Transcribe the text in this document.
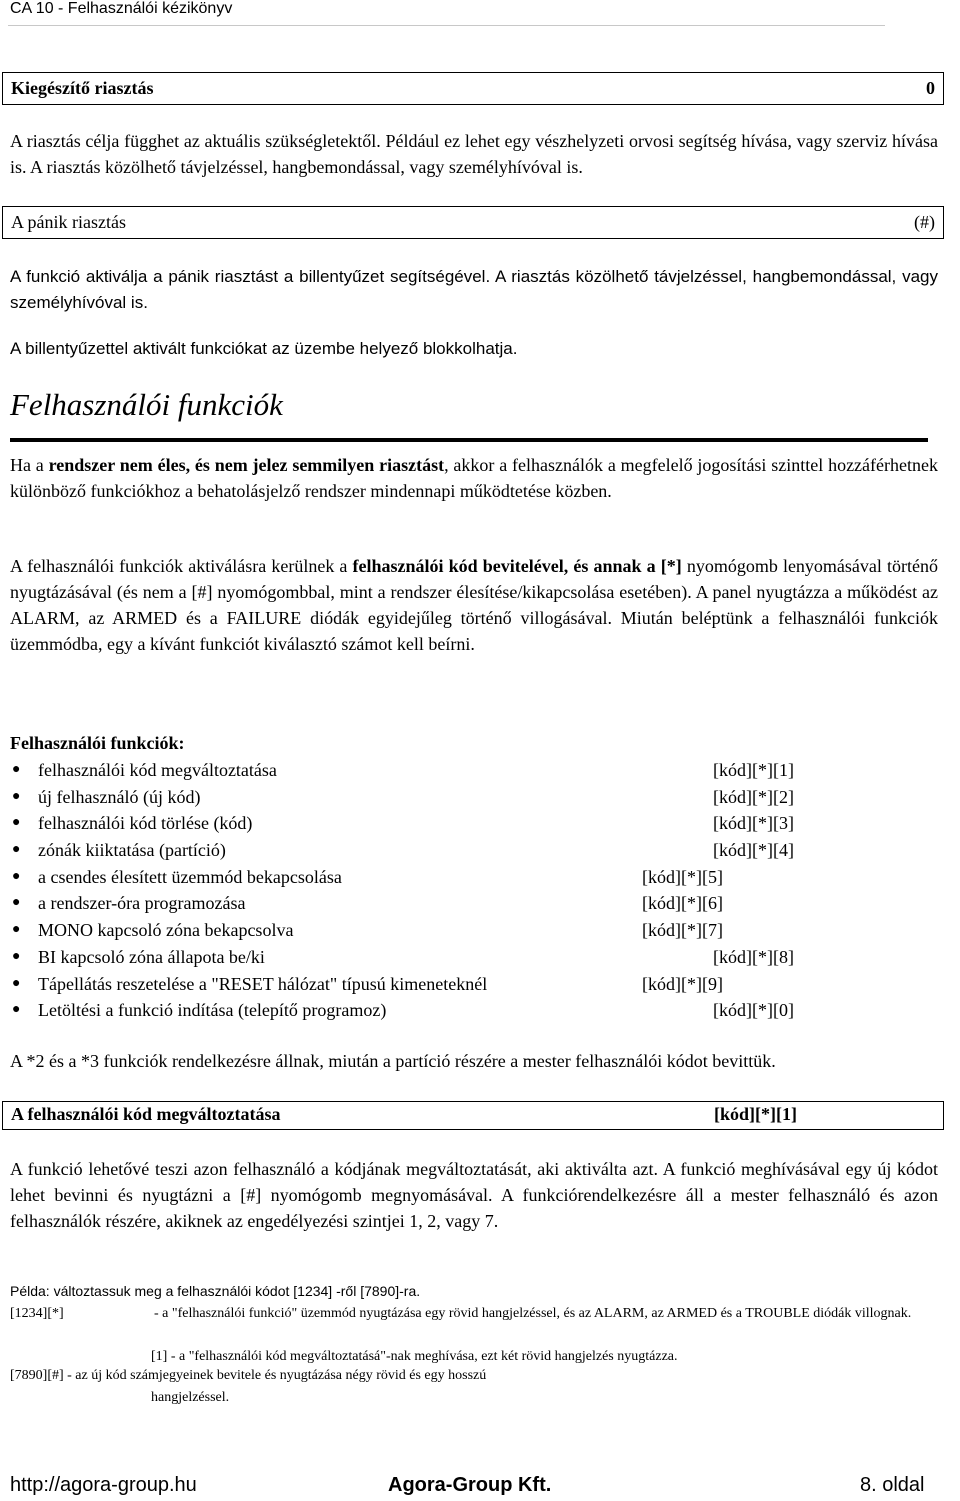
CA 10 - Felhasználói kézikönyv
Kiegészítő riasztás	0
A riasztás célja függhet az aktuális szükségletektől. Például ez lehet egy vészhelyzeti orvosi segítség hívása, vagy szerviz hívása is. A riasztás közölhető távjelzéssel, hangbemondással, vagy személyhívóval is.
A pánik riasztás	(#)
A funkció aktiválja a pánik riasztást a billentyűzet segítségével. A riasztás közölhető távjelzéssel, hangbemondással, vagy személyhívóval is.
A billentyűzettel aktivált funkciókat az üzembe helyező blokkolhatja.
Felhasználói funkciók
Ha a rendszer nem éles, és nem jelez semmilyen riasztást, akkor a felhasználók a megfelelő jogosítási szinttel hozzáférhetnek különböző funkciókhoz a behatolásjelző rendszer mindennapi működtetése közben.
A felhasználói funkciók aktiválásra kerülnek a felhasználói kód bevitelével, és annak a [*] nyomógomb lenyomásával történő nyugtázásával (és nem a [#] nyomógombbal, mint a rendszer élesítése/kikapcsolása esetében). A panel nyugtázza a működést az ALARM, az ARMED és a FAILURE diódák egyidejűleg történő villogásával. Miután beléptünk a felhasználói funkciók üzemmódba, egy a kívánt funkciót kiválasztó számot kell beírni.
Felhasználói funkciók:
● felhasználói kód megváltoztatása	[kód][*][1]
● új felhasználó (új kód)	[kód][*][2]
● felhasználói kód törlése (kód)	[kód][*][3]
● zónák kiiktatása (partíció)	[kód][*][4]
● a csendes élesített üzemmód bekapcsolása	[kód][*][5]
● a rendszer-óra programozása	[kód][*][6]
● MONO kapcsoló zóna bekapcsolva	[kód][*][7]
● BI kapcsoló zóna állapota be/ki	[kód][*][8]
● Tápellátás reszetelése a "RESET hálózat" típusú kimeneteknél	[kód][*][9]
● Letöltési a funkció indítása (telepítő programoz)	[kód][*][0]
A *2 és a *3 funkciók rendelkezésre állnak, miután a partíció részére a mester felhasználói kódot bevittük.
A felhasználói kód megváltoztatása	[kód][*][1]
A funkció lehetővé teszi azon felhasználó a kódjának megváltoztatását, aki aktiválta azt. A funkció meghívásával egy új kódot lehet bevinni és nyugtázni a [#] nyomógomb megnyomásával. A funkciórendelkezésre áll a mester felhasználó és azon felhasználók részére, akiknek az engedélyezési szintjei 1, 2, vagy 7.
Példa: változtassuk meg a felhasználói kódot [1234] -ről [7890]-ra.
[1234][*]	- a "felhasználói funkció" üzemmód nyugtázása egy rövid hangjelzéssel, és az ALARM, az ARMED és a TROUBLE diódák villognak.
[1] - a "felhasználói kód megváltoztatásá"-nak meghívása, ezt két rövid hangjelzés nyugtázza.
[7890][#] - az új kód számjegyeinek bevitele és nyugtázása négy rövid és egy hosszú
hangjelzéssel.
http://agora-group.hu	Agora-Group Kft.	8. oldal
